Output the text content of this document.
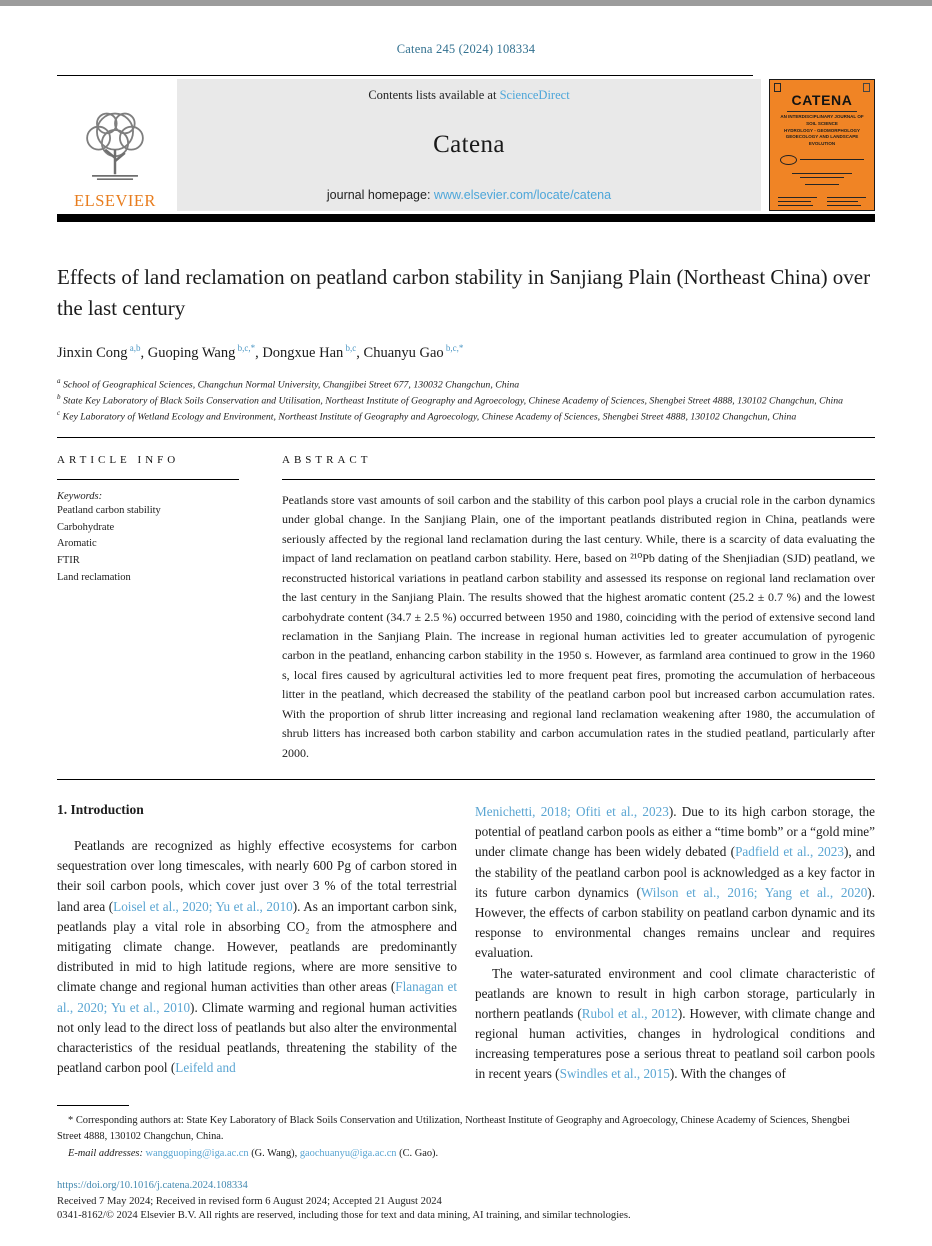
Catena 245 (2024) 108334
ELSEVIER
Contents lists available at ScienceDirect
Catena
journal homepage: www.elsevier.com/locate/catena
CATENA
AN INTERDISCIPLINARY JOURNAL OF
SOIL SCIENCE
HYDROLOGY - GEOMORPHOLOGY
GEOECOLOGY AND LANDSCAPE EVOLUTION
Effects of land reclamation on peatland carbon stability in Sanjiang Plain (Northeast China) over the last century
Jinxin Cong $^{a,b}$, Guoping Wang $^{b,c,*}$, Dongxue Han $^{b,c}$, Chuanyu Gao $^{b,c,*}$
$^a$ School of Geographical Sciences, Changchun Normal University, Changjibei Street 677, 130032 Changchun, China
$^b$ State Key Laboratory of Black Soils Conservation and Utilisation, Northeast Institute of Geography and Agroecology, Chinese Academy of Sciences, Shengbei Street 4888, 130102 Changchun, China
$^c$ Key Laboratory of Wetland Ecology and Environment, Northeast Institute of Geography and Agroecology, Chinese Academy of Sciences, Shengbei Street 4888, 130102 Changchun, China
ARTICLE INFO
Keywords:
Peatland carbon stability
Carbohydrate
Aromatic
FTIR
Land reclamation
ABSTRACT

Peatlands store vast amounts of soil carbon and the stability of this carbon pool plays a crucial role in the carbon dynamics under global change. In the Sanjiang Plain, one of the important peatlands distributed region in China, peatlands were seriously affected by the regional land reclamation during the last century. While, there is a scarcity of data evaluating the impact of land reclamation on peatland carbon stability. Here, based on ²¹⁰Pb dating of the Shenjiadian (SJD) peatland, we reconstructed historical variations in peatland carbon stability and assessed its response on regional land reclamation over the last century in the Sanjiang Plain. The results showed that the highest aromatic content (25.2 ± 0.7 %) and the lowest carbohydrate content (34.7 ± 2.5 %) occurred between 1950 and 1980, coinciding with the period of extensive second land reclamation in the Sanjiang Plain. The increase in regional human activities led to greater accumulation of pyrogenic carbon in the peatland, enhancing carbon stability in the 1950 s. However, as farmland area continued to grow in the 1960 s, local fires caused by agricultural activities led to more frequent peat fires, promoting the accumulation of herbaceous litter in the peatland, which decreased the stability of the peatland carbon pool but increased carbon accumulation rates. With the proportion of shrub litter increasing and regional land reclamation weakening after 1980, the accumulation of shrub litters has increased both carbon stability and carbon accumulation rates in the studied peatland, particularly after 2000.

1. Introduction

Peatlands are recognized as highly effective ecosystems for carbon sequestration over long timescales, with nearly 600 Pg of carbon stored in their soil carbon pools, which cover just over 3 % of the total terrestrial land area (Loisel et al., 2020; Yu et al., 2010). As an important carbon sink, peatlands play a vital role in absorbing CO₂ from the atmosphere and mitigating climate change. However, peatlands are predominantly distributed in mid to high latitude regions, where are more sensitive to climate change and regional human activities than other areas (Flanagan et al., 2020; Yu et al., 2010). Climate warming and regional human activities not only lead to the direct loss of peatlands but also alter the environmental characteristics of the residual peatlands, threatening the stability of the peatland carbon pool (Leifeld and

Menichetti, 2018; Ofiti et al., 2023). Due to its high carbon storage, the potential of peatland carbon pools as either a “time bomb” or a “gold mine” under climate change has been widely debated (Padfield et al., 2023), and the stability of the peatland carbon pool is acknowledged as a key factor in its future carbon dynamics (Wilson et al., 2016; Yang et al., 2020). However, the effects of carbon stability on peatland carbon dynamic and its response to environmental changes remains unclear and requires evaluation.

The water-saturated environment and cool climate characteristic of peatlands are known to result in high carbon storage, particularly in northern peatlands (Rubol et al., 2012). However, with climate change and regional human activities, changes in hydrological conditions and increasing temperatures pose a serious threat to peatland soil carbon pools in recent years (Swindles et al., 2015). With the changes of

* Corresponding authors at: State Key Laboratory of Black Soils Conservation and Utilization, Northeast Institute of Geography and Agroecology, Chinese Academy of Sciences, Shengbei Street 4888, 130102 Changchun, China.

E-mail addresses: wangguoping@iga.ac.cn (G. Wang), gaochuanyu@iga.ac.cn (C. Gao).

https://doi.org/10.1016/j.catena.2024.108334
Received 7 May 2024; Received in revised form 6 August 2024; Accepted 21 August 2024
0341-8162/© 2024 Elsevier B.V. All rights are reserved, including those for text and data mining, AI training, and similar technologies.
